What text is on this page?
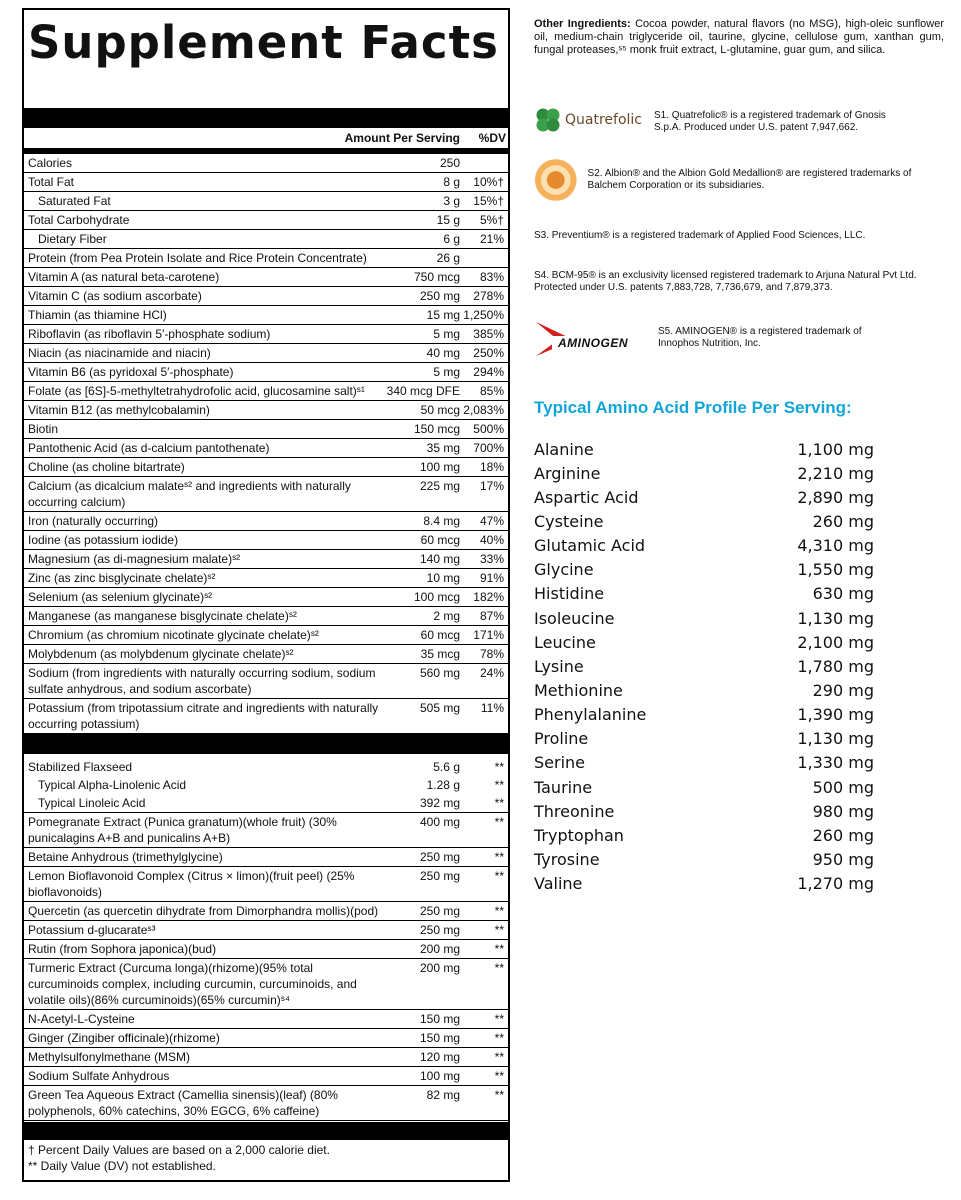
Supplement Facts
Amount Per Serving	%DV
Calories	250
Total Fat	8 g	10%†
Saturated Fat	3 g	15%†
Total Carbohydrate	15 g	5%†
Dietary Fiber	6 g	21%
Protein (from Pea Protein Isolate and Rice Protein Concentrate)	26 g
Vitamin A (as natural beta-carotene)	750 mcg	83%
Vitamin C (as sodium ascorbate)	250 mg	278%
Thiamin (as thiamine HCl)	15 mg 1,250%
Riboflavin (as riboflavin 5′-phosphate sodium)	5 mg	385%
Niacin (as niacinamide and niacin)	40 mg	250%
Vitamin B6 (as pyridoxal 5′-phosphate)	5 mg	294%
Folate (as [6S]-5-methyltetrahydrofolic acid, glucosamine salt)ˢ¹	340 mcg DFE	85%
Vitamin B12 (as methylcobalamin)	50 mcg 2,083%
Biotin	150 mcg	500%
Pantothenic Acid (as d-calcium pantothenate)	35 mg	700%
Choline (as choline bitartrate)	100 mg	18%
Calcium (as dicalcium malateˢ² and ingredients with naturally occurring calcium)
225 mg	17%
Iron (naturally occurring)	8.4 mg	47%
Iodine (as potassium iodide)	60 mcg	40%
Magnesium (as di-magnesium malate)ˢ²	140 mg	33%
Zinc (as zinc bisglycinate chelate)ˢ²	10 mg	91%
Selenium (as selenium glycinate)ˢ²	100 mcg	182%
Manganese (as manganese bisglycinate chelate)ˢ²	2 mg	87%
Chromium (as chromium nicotinate glycinate chelate)ˢ²	60 mcg	171%
Molybdenum (as molybdenum glycinate chelate)ˢ²	35 mcg	78%
Sodium (from ingredients with naturally occurring sodium, sodium sulfate anhydrous, and sodium ascorbate)
560 mg	24%
Potassium (from tripotassium citrate and ingredients with naturally occurring potassium)
505 mg	11%
Stabilized Flaxseed	5.6 g	**
Typical Alpha-Linolenic Acid	1.28 g	**
Typical Linoleic Acid	392 mg	**
Pomegranate Extract (Punica granatum)(whole fruit) (30% punicalagins A+B and punicalins A+B)
400 mg	**
Betaine Anhydrous (trimethylglycine)	250 mg	**
Lemon Bioflavonoid Complex (Citrus × limon)(fruit peel) (25% bioflavonoids)
250 mg	**
Quercetin (as quercetin dihydrate from Dimorphandra mollis)(pod)	250 mg	**
Potassium d-glucarateˢ³	250 mg	**
Rutin (from Sophora japonica)(bud)	200 mg	**
Turmeric Extract (Curcuma longa)(rhizome)(95% total curcuminoids complex, including curcumin, curcuminoids, and volatile oils)(86% curcuminoids)(65% curcumin)ˢ⁴
200 mg	**
N-Acetyl-L-Cysteine	150 mg	**
Ginger (Zingiber officinale)(rhizome)	150 mg	**
Methylsulfonylmethane (MSM)	120 mg	**
Sodium Sulfate Anhydrous	100 mg	**
Green Tea Aqueous Extract (Camellia sinensis)(leaf) (80% polyphenols, 60% catechins, 30% EGCG, 6% caffeine)
82 mg	**
† Percent Daily Values are based on a 2,000 calorie diet.
** Daily Value (DV) not established.
Other Ingredients: Cocoa powder, natural flavors (no MSG), high-oleic sunflower oil, medium-chain triglyceride oil, taurine, glycine, cellulose gum, xanthan gum, fungal proteases,ˢ⁵ monk fruit extract, L-glutamine, guar gum, and silica.
Quatrefolic S1. Quatrefolic® is a registered trademark of Gnosis S.p.A. Produced under U.S. patent 7,947,662.
S2. Albion® and the Albion Gold Medallion® are registered trademarks of Balchem Corporation or its subsidiaries.
S3. Preventium® is a registered trademark of Applied Food Sciences, LLC.
S4. BCM-95® is an exclusivity licensed registered trademark to Arjuna Natural Pvt Ltd. Protected under U.S. patents 7,883,728, 7,736,679, and 7,879,373.
AMINOGEN
S5. AMINOGEN® is a registered trademark of Innophos Nutrition, Inc.
Typical Amino Acid Profile Per Serving:
Alanine	1,100 mg
Arginine	2,210 mg
Aspartic Acid	2,890 mg
Cysteine	260 mg
Glutamic Acid	4,310 mg
Glycine	1,550 mg
Histidine	630 mg
Isoleucine	1,130 mg
Leucine	2,100 mg
Lysine	1,780 mg
Methionine	290 mg
Phenylalanine	1,390 mg
Proline	1,130 mg
Serine	1,330 mg
Taurine	500 mg
Threonine	980 mg
Tryptophan	260 mg
Tyrosine	950 mg
Valine	1,270 mg
